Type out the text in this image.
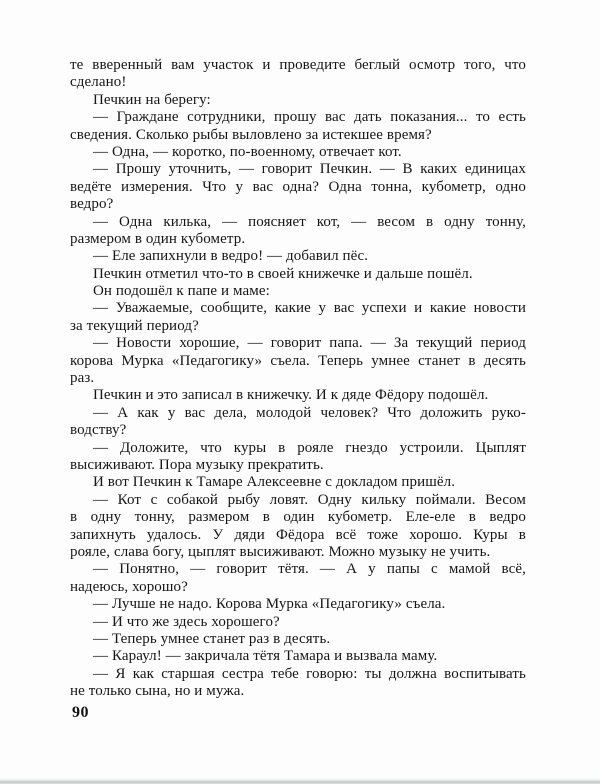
те вверенный вам участок и проведите беглый осмотр того, что
сделано!
Печкин на берегу:
— Граждане сотрудники, прошу вас дать показания... то есть
сведения. Сколько рыбы выловлено за истекшее время?
— Одна, — коротко, по-военному, отвечает кот.
— Прошу уточнить, — говорит Печкин. — В каких единицах
ведёте измерения. Что у вас одна? Одна тонна, кубометр, одно
ведро?
— Одна килька, — поясняет кот, — весом в одну тонну,
размером в один кубометр.
— Еле запихнули в ведро! — добавил пёс.
Печкин отметил что-то в своей книжечке и дальше пошёл.
Он подошёл к папе и маме:
— Уважаемые, сообщите, какие у вас успехи и какие новости
за текущий период?
— Новости хорошие, — говорит папа. — За текущий период
корова Мурка «Педагогику» съела. Теперь умнее станет в десять
раз.
Печкин и это записал в книжечку. И к дяде Фёдору подошёл.
— А как у вас дела, молодой человек? Что доложить руко-
водству?
— Доложите, что куры в рояле гнездо устроили. Цыплят
высиживают. Пора музыку прекратить.
И вот Печкин к Тамаре Алексеевне с докладом пришёл.
— Кот с собакой рыбу ловят. Одну кильку поймали. Весом
в одну тонну, размером в один кубометр. Еле-еле в ведро
запихнуть удалось. У дяди Фёдора всё тоже хорошо. Куры в
рояле, слава богу, цыплят высиживают. Можно музыку не учить.
— Понятно, — говорит тётя. — А у папы с мамой всё,
надеюсь, хорошо?
— Лучше не надо. Корова Мурка «Педагогику» съела.
— И что же здесь хорошего?
— Теперь умнее станет раз в десять.
— Караул! — закричала тётя Тамара и вызвала маму.
— Я как старшая сестра тебе говорю: ты должна воспитывать
не только сына, но и мужа.
90
